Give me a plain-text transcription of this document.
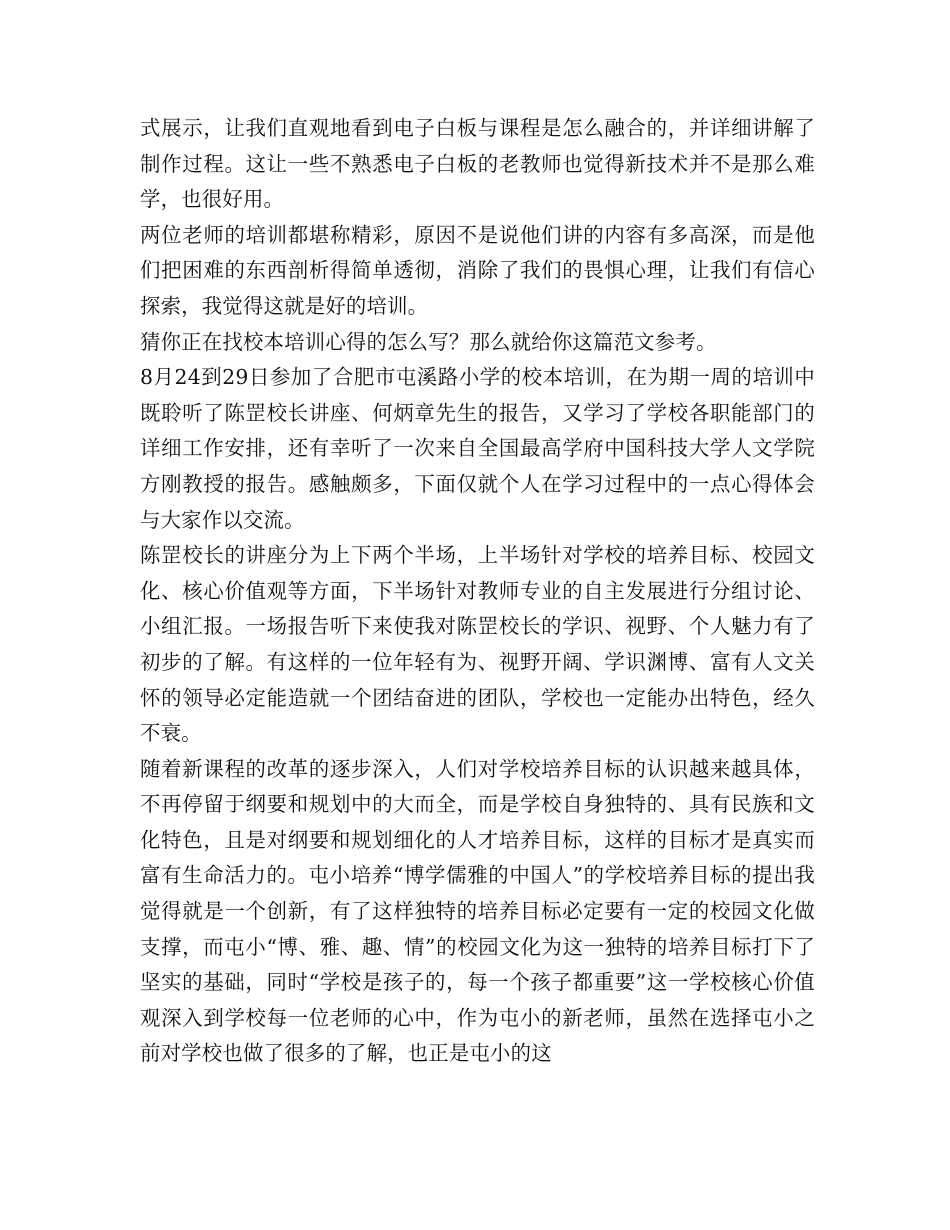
式展示，让我们直观地看到电子白板与课程是怎么融合的，并详细讲解了制作过程。这让一些不熟悉电子白板的老教师也觉得新技术并不是那么难学，也很好用。

两位老师的培训都堪称精彩，原因不是说他们讲的内容有多高深，而是他们把困难的东西剖析得简单透彻，消除了我们的畏惧心理，让我们有信心探索，我觉得这就是好的培训。

猜你正在找校本培训心得的怎么写？那么就给你这篇范文参考。

8月24到29日参加了合肥市屯溪路小学的校本培训，在为期一周的培训中既聆听了陈罡校长讲座、何炳章先生的报告，又学习了学校各职能部门的详细工作安排，还有幸听了一次来自全国最高学府中国科技大学人文学院方刚教授的报告。感触颇多，下面仅就个人在学习过程中的一点心得体会与大家作以交流。

陈罡校长的讲座分为上下两个半场，上半场针对学校的培养目标、校园文化、核心价值观等方面，下半场针对教师专业的自主发展进行分组讨论、小组汇报。一场报告听下来使我对陈罡校长的学识、视野、个人魅力有了初步的了解。有这样的一位年轻有为、视野开阔、学识渊博、富有人文关怀的领导必定能造就一个团结奋进的团队，学校也一定能办出特色，经久不衰。

随着新课程的改革的逐步深入，人们对学校培养目标的认识越来越具体，不再停留于纲要和规划中的大而全，而是学校自身独特的、具有民族和文化特色，且是对纲要和规划细化的人才培养目标，这样的目标才是真实而富有生命活力的。屯小培养“博学儒雅的中国人”的学校培养目标的提出我觉得就是一个创新，有了这样独特的培养目标必定要有一定的校园文化做支撑，而屯小“博、雅、趣、情”的校园文化为这一独特的培养目标打下了坚实的基础，同时“学校是孩子的，每一个孩子都重要”这一学校核心价值观深入到学校每一位老师的心中，作为屯小的新老师，虽然在选择屯小之前对学校也做了很多的了解，也正是屯小的这
